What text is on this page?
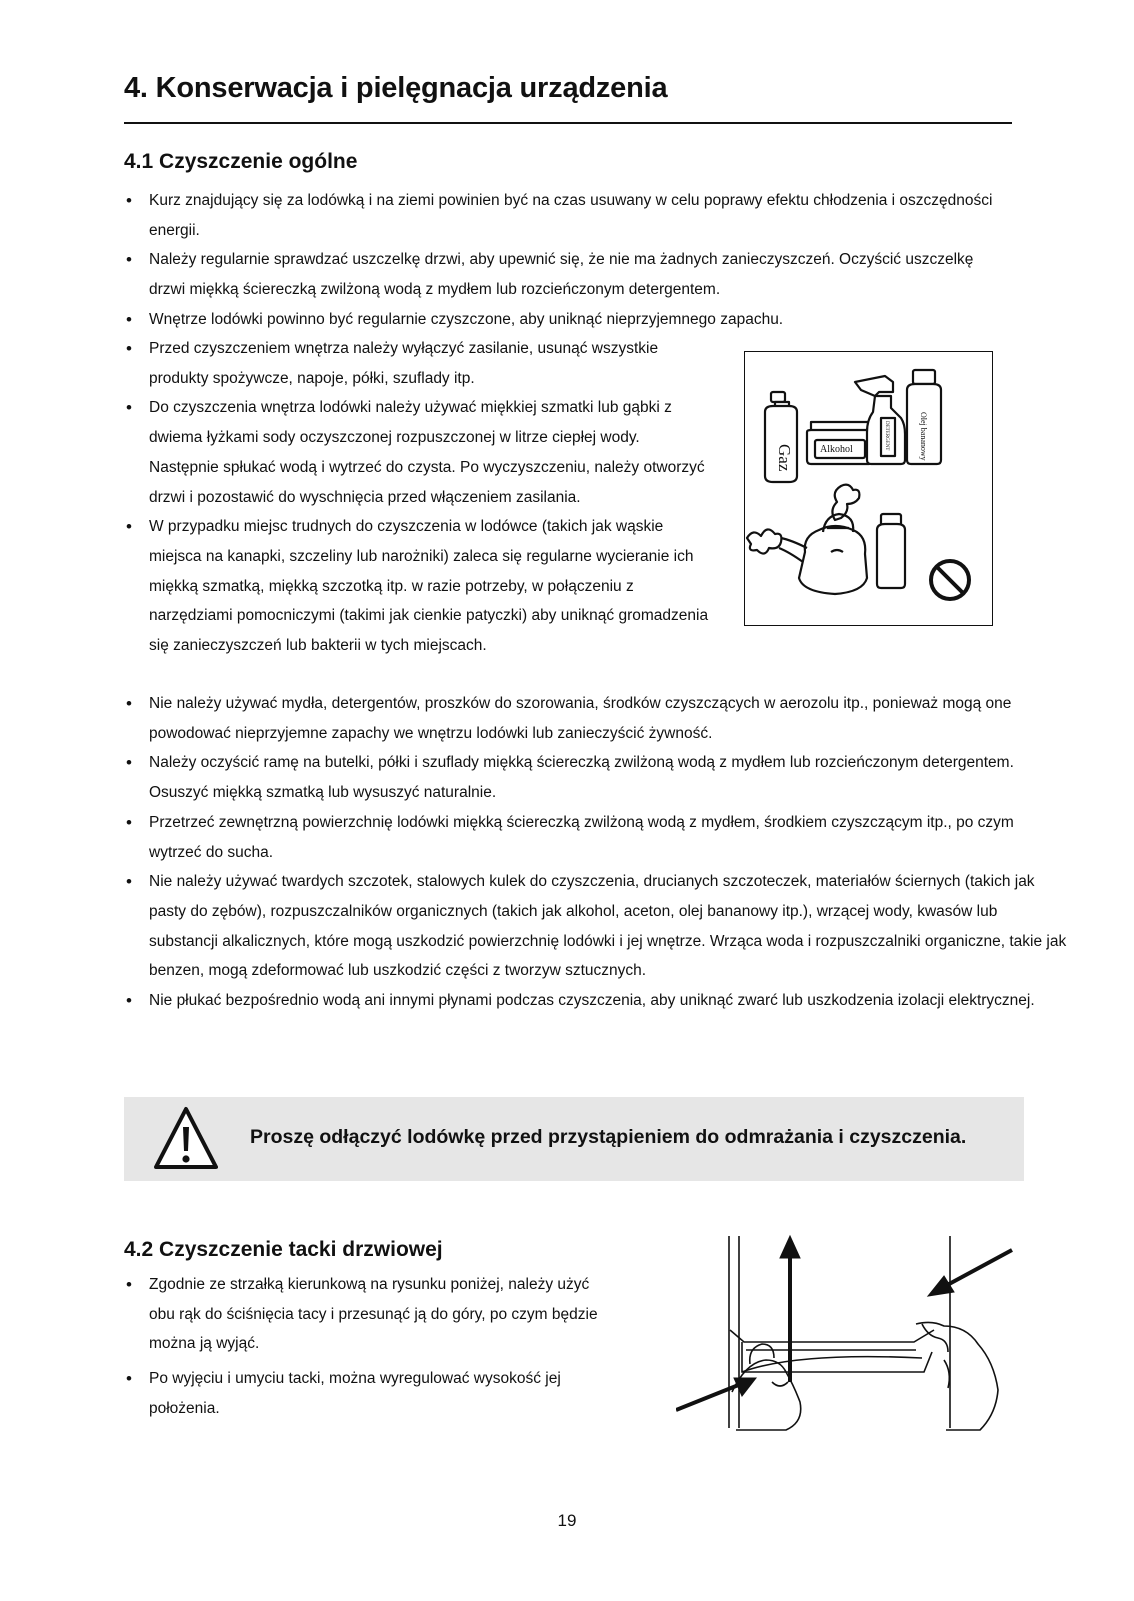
4. Konserwacja i pielęgnacja urządzenia
4.1 Czyszczenie ogólne
• Kurz znajdujący się za lodówką i na ziemi powinien być na czas usuwany w celu poprawy efektu chłodzenia i oszczędności energii.
• Należy regularnie sprawdzać uszczelkę drzwi, aby upewnić się, że nie ma żadnych zanieczyszczeń. Oczyścić uszczelkę drzwi miękką ściereczką zwilżoną wodą z mydłem lub rozcieńczonym detergentem.
• Wnętrze lodówki powinno być regularnie czyszczone, aby uniknąć nieprzyjemnego zapachu.
• Przed czyszczeniem wnętrza należy wyłączyć zasilanie, usunąć wszystkie produkty spożywcze, napoje, półki, szuflady itp.
• Do czyszczenia wnętrza lodówki należy używać miękkiej szmatki lub gąbki z dwiema łyżkami sody oczyszczonej rozpuszczonej w litrze ciepłej wody. Następnie spłukać wodą i wytrzeć do czysta. Po wyczyszczeniu, należy otworzyć drzwi i pozostawić do wyschnięcia przed włączeniem zasilania.
• W przypadku miejsc trudnych do czyszczenia w lodówce (takich jak wąskie miejsca na kanapki, szczeliny lub narożniki) zaleca się regularne wycieranie ich miękką szmatką, miękką szczotką itp. w razie potrzeby, w połączeniu z narzędziami pomocniczymi (takimi jak cienkie patyczki) aby uniknąć gromadzenia się zanieczyszczeń lub bakterii w tych miejscach.
• Nie należy używać mydła, detergentów, proszków do szorowania, środków czyszczących w aerozolu itp., ponieważ mogą one powodować nieprzyjemne zapachy we wnętrzu lodówki lub zanieczyścić żywność.
• Należy oczyścić ramę na butelki, półki i szuflady miękką ściereczką zwilżoną wodą z mydłem lub rozcieńczonym detergentem. Osuszyć miękką szmatką lub wysuszyć naturalnie.
• Przetrzeć zewnętrzną powierzchnię lodówki miękką ściereczką zwilżoną wodą z mydłem, środkiem czyszczącym itp., po czym wytrzeć do sucha.
• Nie należy używać twardych szczotek, stalowych kulek do czyszczenia, drucianych szczoteczek, materiałów ściernych (takich jak pasty do zębów), rozpuszczalników organicznych (takich jak alkohol, aceton, olej bananowy itp.), wrzącej wody, kwasów lub substancji alkalicznych, które mogą uszkodzić powierzchnię lodówki i jej wnętrze. Wrząca woda i rozpuszczalniki organiczne, takie jak benzen, mogą zdeformować lub uszkodzić części z tworzyw sztucznych.
• Nie płukać bezpośrednio wodą ani innymi płynami podczas czyszczenia, aby uniknąć zwarć lub uszkodzenia izolacji elektrycznej.
Gaz	Alkohol	DETERGENT	Olej bananowy
Proszę odłączyć lodówkę przed przystąpieniem do odmrażania i czyszczenia.
4.2 Czyszczenie tacki drzwiowej
• Zgodnie ze strzałką kierunkową na rysunku poniżej, należy użyć obu rąk do ściśnięcia tacy i przesunąć ją do góry, po czym będzie można ją wyjąć.
• Po wyjęciu i umyciu tacki, można wyregulować wysokość jej położenia.
19
